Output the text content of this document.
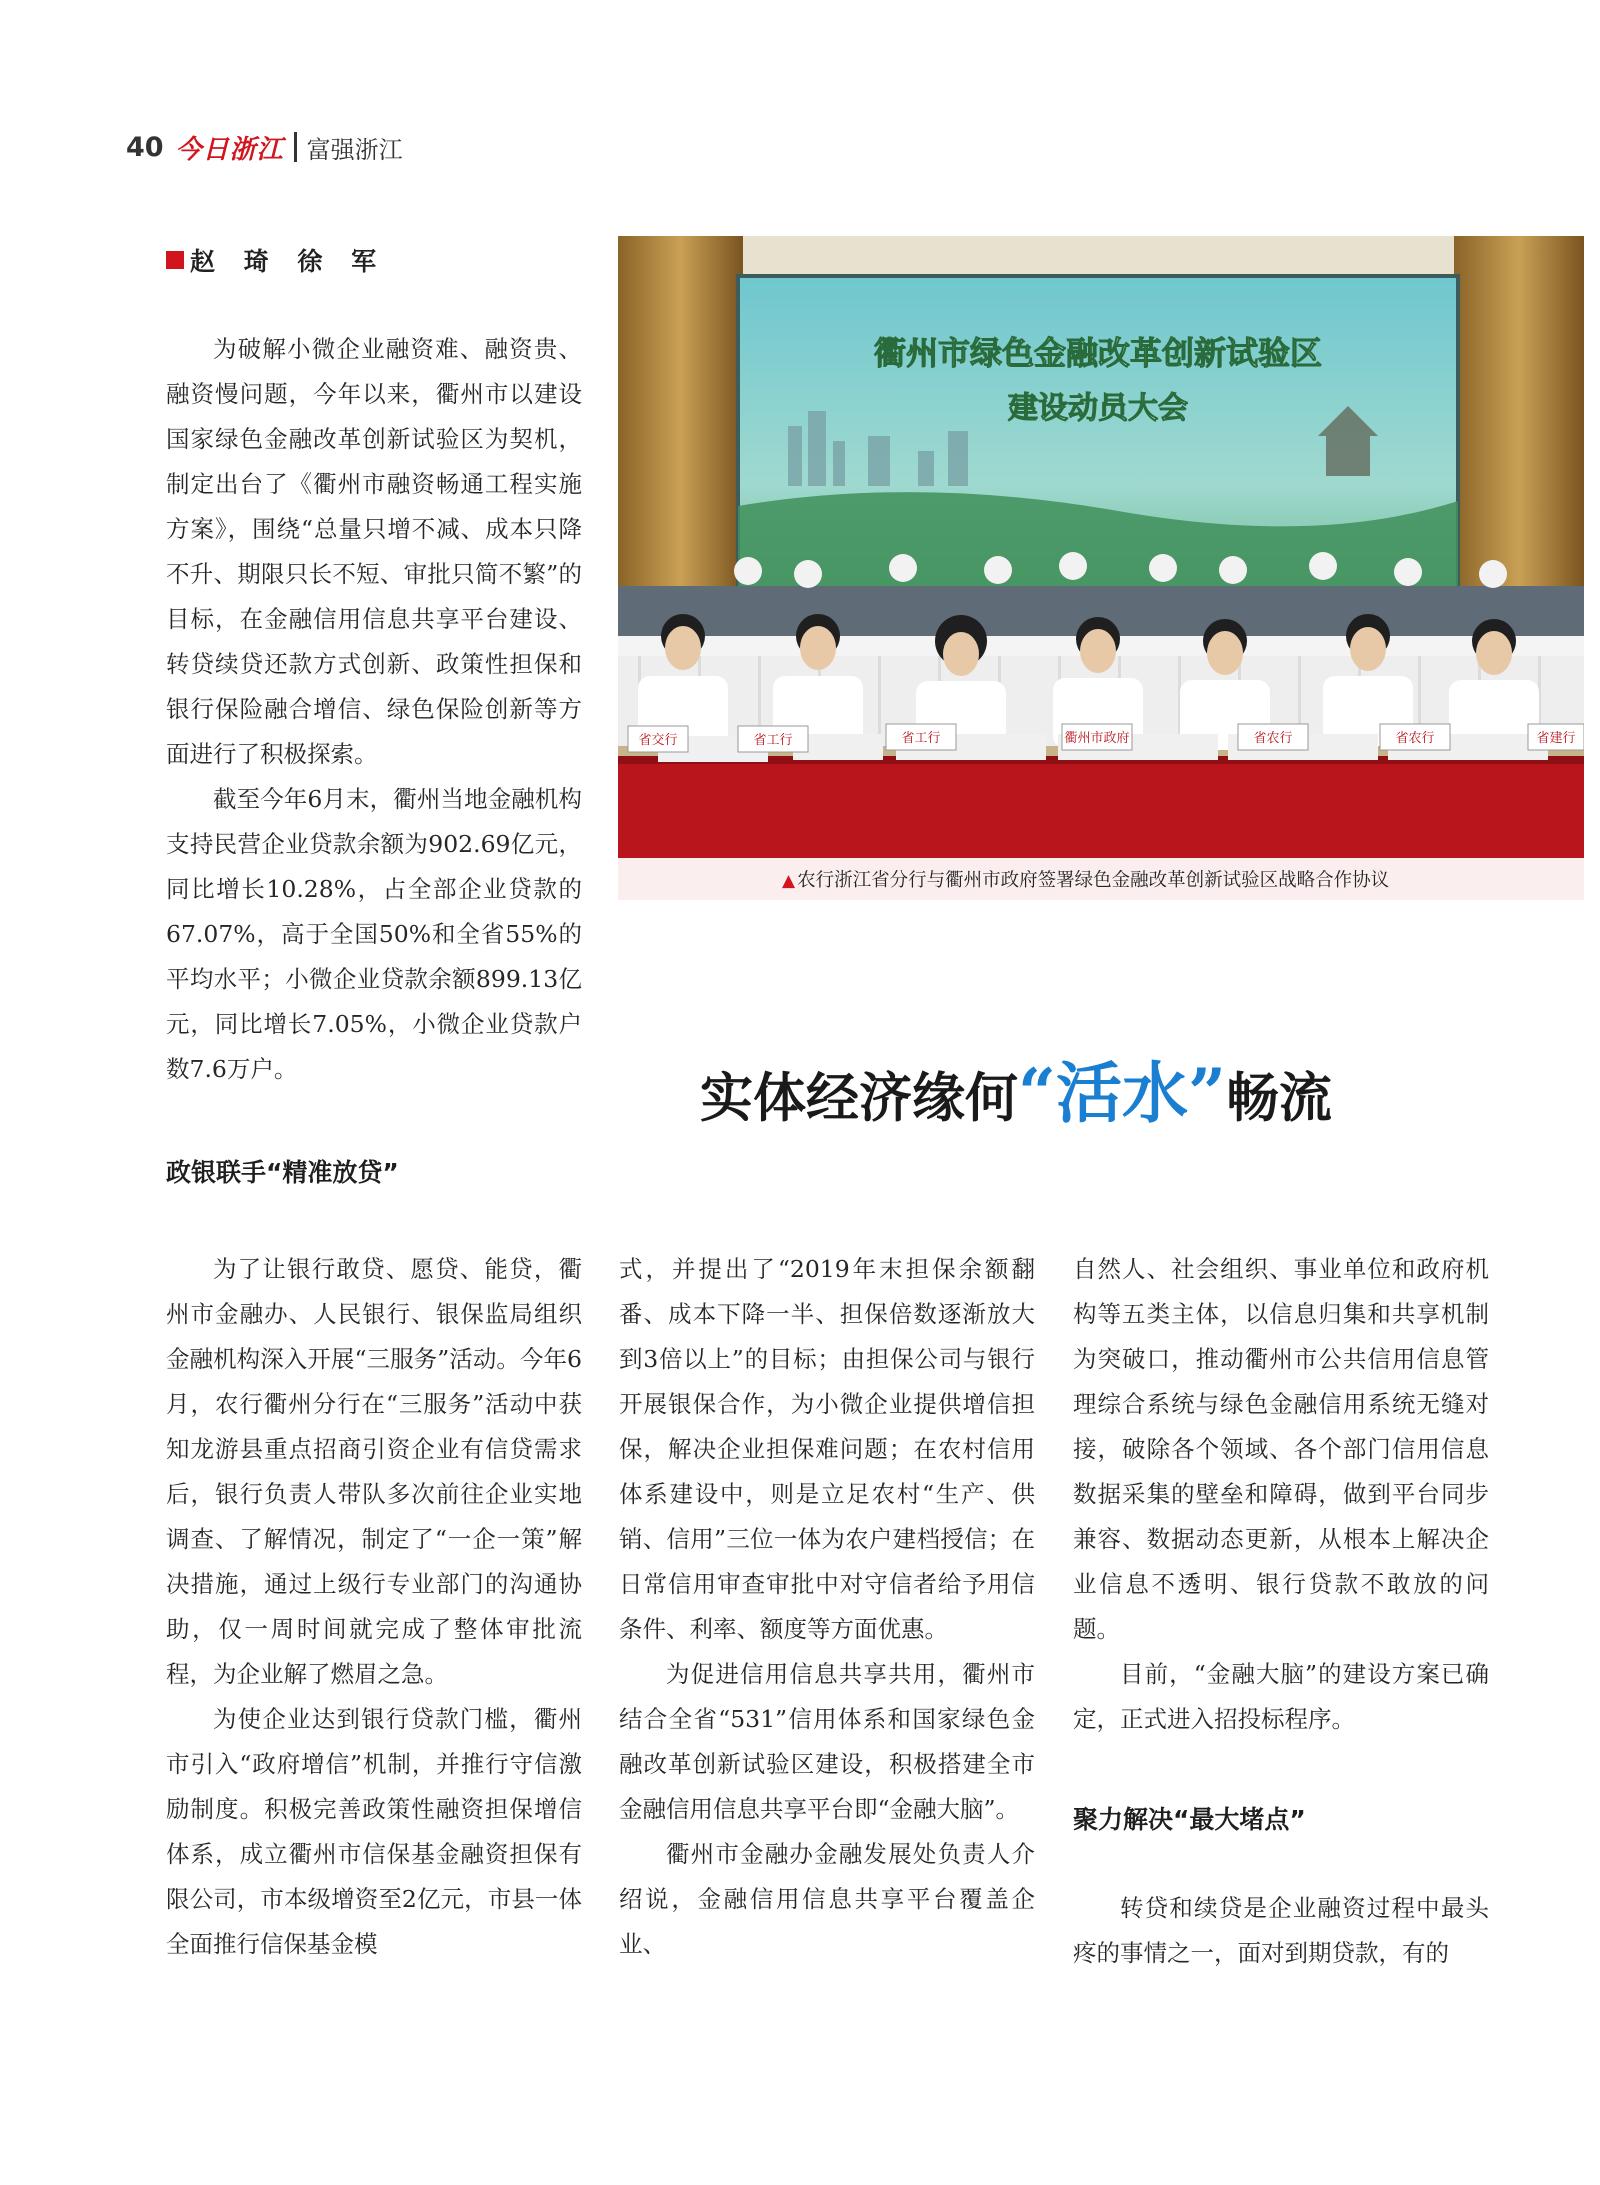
40 今日浙江 富强浙江
赵 琦 徐 军
衢州市绿色金融改革创新试验区
建设动员大会
省交行	省工行	省工行	衢州市政府	省农行	省农行	省建行
▲ 农行浙江省分行与衢州市政府签署绿色金融改革创新试验区战略合作协议

为破解小微企业融资难、融资贵、融资慢问题，今年以来，衢州市以建设国家绿色金融改革创新试验区为契机，制定出台了《衢州市融资畅通工程实施方案》，围绕“总量只增不减、成本只降不升、期限只长不短、审批只简不繁”的目标，在金融信用信息共享平台建设、转贷续贷还款方式创新、政策性担保和银行保险融合增信、绿色保险创新等方面进行了积极探索。

截至今年6月末，衢州当地金融机构支持民营企业贷款余额为902.69亿元，同比增长10.28%，占全部企业贷款的67.07%，高于全国50%和全省55%的平均水平；小微企业贷款余额899.13亿元，同比增长7.05%，小微企业贷款户数7.6万户。	实体经济缘何 “活水” 畅流
政银联手“精准放贷”

为了让银行敢贷、愿贷、能贷，衢州市金融办、人民银行、银保监局组织金融机构深入开展“三服务”活动。今年6月，农行衢州分行在“三服务”活动中获知龙游县重点招商引资企业有信贷需求后，银行负责人带队多次前往企业实地调查、了解情况，制定了“一企一策”解决措施，通过上级行专业部门的沟通协助，仅一周时间就完成了整体审批流程，为企业解了燃眉之急。

为使企业达到银行贷款门槛，衢州市引入“政府增信”机制，并推行守信激励制度。积极完善政策性融资担保增信体系，成立衢州市信保基金融资担保有限公司，市本级增资至2亿元，市县一体全面推行信保基金模

式，并提出了“2019年末担保余额翻番、成本下降一半、担保倍数逐渐放大到3倍以上”的目标；由担保公司与银行开展银保合作，为小微企业提供增信担保，解决企业担保难问题；在农村信用体系建设中，则是立足农村“生产、供销、信用”三位一体为农户建档授信；在日常信用审查审批中对守信者给予用信条件、利率、额度等方面优惠。

为促进信用信息共享共用，衢州市结合全省“531”信用体系和国家绿色金融改革创新试验区建设，积极搭建全市金融信用信息共享平台即“金融大脑”。

衢州市金融办金融发展处负责人介绍说，金融信用信息共享平台覆盖企业、

自然人、社会组织、事业单位和政府机构等五类主体，以信息归集和共享机制为突破口，推动衢州市公共信用信息管理综合系统与绿色金融信用系统无缝对接，破除各个领域、各个部门信用信息数据采集的壁垒和障碍，做到平台同步兼容、数据动态更新，从根本上解决企业信息不透明、银行贷款不敢放的问题。

目前，“金融大脑”的建设方案已确定，正式进入招投标程序。

聚力解决“最大堵点”

转贷和续贷是企业融资过程中最头疼的事情之一，面对到期贷款，有的
